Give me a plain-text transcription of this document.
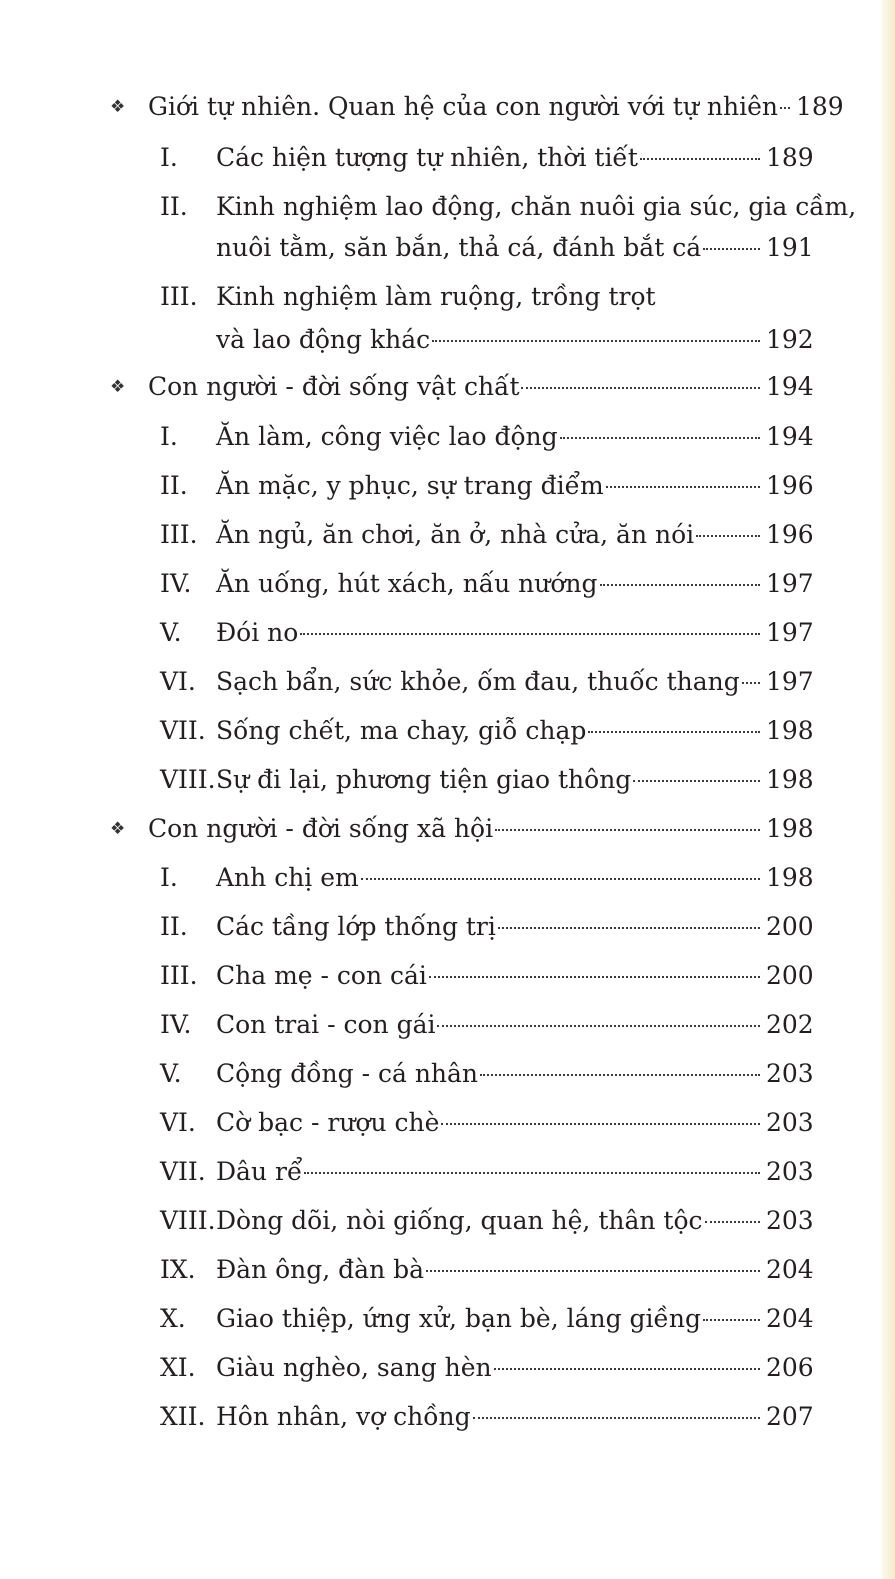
❖ Giới tự nhiên. Quan hệ của con người với tự nhiên 189
I.	Các hiện tượng tự nhiên, thời tiết	189
II.	Kinh nghiệm lao động, chăn nuôi gia súc, gia cầm,
nuôi tằm, săn bắn, thả cá, đánh bắt cá	191
III. Kinh nghiệm làm ruộng, trồng trọt
và lao động khác	192
❖ Con người - đời sống vật chất	194
I.	Ăn làm, công việc lao động	194
II.	Ăn mặc, y phục, sự trang điểm	196
III. Ăn ngủ, ăn chơi, ăn ở, nhà cửa, ăn nói	196
IV. Ăn uống, hút xách, nấu nướng	197
V.	Đói no	197
VI. Sạch bẩn, sức khỏe, ốm đau, thuốc thang 197
VII. Sống chết, ma chay, giỗ chạp	198
VIII. Sự đi lại, phương tiện giao thông	198
❖ Con người - đời sống xã hội	198
I.	Anh chị em	198
II.	Các tầng lớp thống trị	200
III. Cha mẹ - con cái	200
IV. Con trai - con gái	202
V.	Cộng đồng - cá nhân	203
VI. Cờ bạc - rượu chè	203
VII. Dâu rể	203
VIII. Dòng dõi, nòi giống, quan hệ, thân tộc	203
IX. Đàn ông, đàn bà	204
X.	Giao thiệp, ứng xử, bạn bè, láng giềng	204
XI. Giàu nghèo, sang hèn	206
XII. Hôn nhân, vợ chồng	207
